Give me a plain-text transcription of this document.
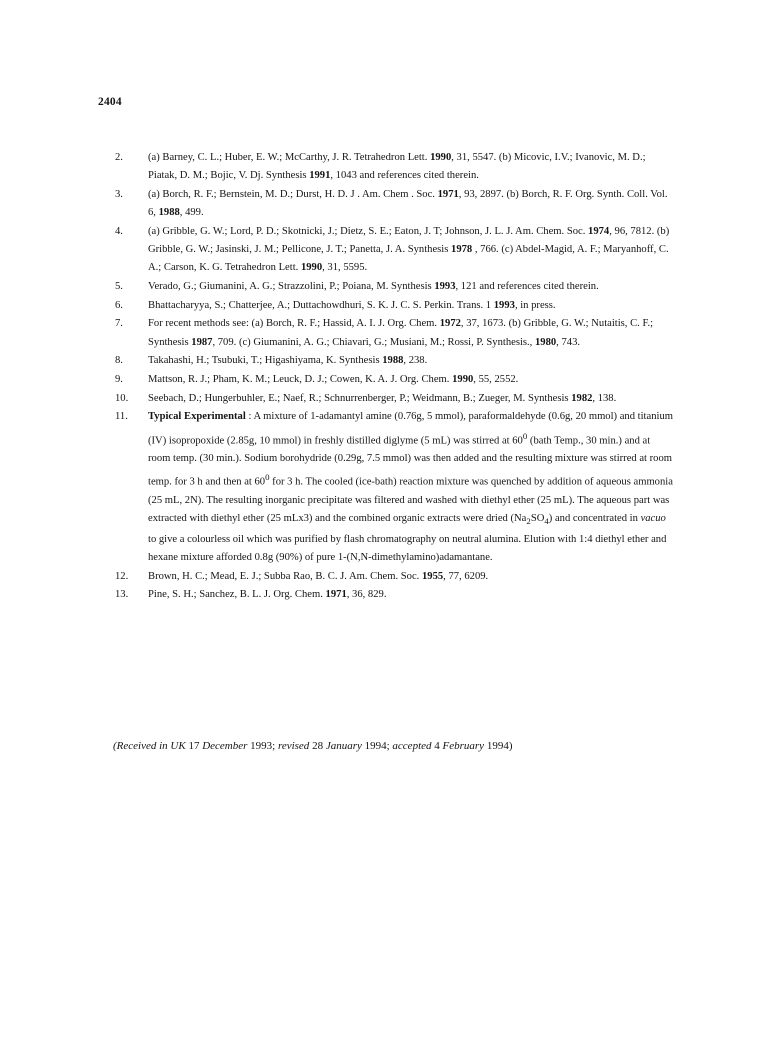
2404
2.	(a) Barney, C. L.; Huber, E. W.; McCarthy, J. R. Tetrahedron Lett. 1990, 31, 5547. (b) Micovic, I.V.; Ivanovic, M. D.; Piatak, D. M.; Bojic, V. Dj. Synthesis 1991, 1043 and references cited therein.
3.	(a) Borch, R. F.; Bernstein, M. D.; Durst, H. D. J . Am. Chem . Soc. 1971, 93, 2897. (b) Borch, R. F. Org. Synth. Coll. Vol. 6, 1988, 499.
4.	(a) Gribble, G. W.; Lord, P. D.; Skotnicki, J.; Dietz, S. E.; Eaton, J. T; Johnson, J. L. J. Am. Chem. Soc. 1974, 96, 7812. (b) Gribble, G. W.; Jasinski, J. M.; Pellicone, J. T.; Panetta, J. A. Synthesis 1978 , 766. (c) Abdel-Magid, A. F.; Maryanhoff, C. A.; Carson, K. G. Tetrahedron Lett. 1990, 31, 5595.
5.	Verado, G.; Giumanini, A. G.; Strazzolini, P.; Poiana, M. Synthesis 1993, 121 and references cited therein.
6.	Bhattacharyya, S.; Chatterjee, A.; Duttachowdhuri, S. K. J. C. S. Perkin. Trans. 1 1993, in press.
7.	For recent methods see: (a) Borch, R. F.; Hassid, A. I. J. Org. Chem. 1972, 37, 1673. (b) Gribble, G. W.; Nutaitis, C. F.; Synthesis 1987, 709. (c) Giumanini, A. G.; Chiavari, G.; Musiani, M.; Rossi, P. Synthesis., 1980, 743.
8.	Takahashi, H.; Tsubuki, T.; Higashiyama, K. Synthesis 1988, 238.
9.	Mattson, R. J.; Pham, K. M.; Leuck, D. J.; Cowen, K. A. J. Org. Chem. 1990, 55, 2552.
10.	Seebach, D.; Hungerbuhler, E.; Naef, R.; Schnurrenberger, P.; Weidmann, B.; Zueger, M. Synthesis 1982, 138.
11.	Typical Experimental : A mixture of 1-adamantyl amine (0.76g, 5 mmol), paraformaldehyde (0.6g, 20 mmol) and titanium (IV) isopropoxide (2.85g, 10 mmol) in freshly distilled diglyme (5 mL) was stirred at $60^0$ (bath Temp., 30 min.) and at room temp. (30 min.). Sodium borohydride (0.29g, 7.5 mmol) was then added and the resulting mixture was stirred at room temp. for 3 h and then at $60^0$ for 3 h. The cooled (ice-bath) reaction mixture was quenched by addition of aqueous ammonia (25 mL, 2N). The resulting inorganic precipitate was filtered and washed with diethyl ether (25 mL). The aqueous part was extracted with diethyl ether (25 mLx3) and the combined organic extracts were dried $(Na_2SO_4)$ and concentrated in vacuo to give a colourless oil which was purified by flash chromatography on neutral alumina. Elution with 1:4 diethyl ether and hexane mixture afforded 0.8g (90%) of pure 1-(N,N-dimethylamino)adamantane.
12.	Brown, H. C.; Mead, E. J.; Subba Rao, B. C. J. Am. Chem. Soc. 1955, 77, 6209.
13.	Pine, S. H.; Sanchez, B. L. J. Org. Chem. 1971, 36, 829.
(Received in UK 17 December 1993; revised 28 January 1994; accepted 4 February 1994)
